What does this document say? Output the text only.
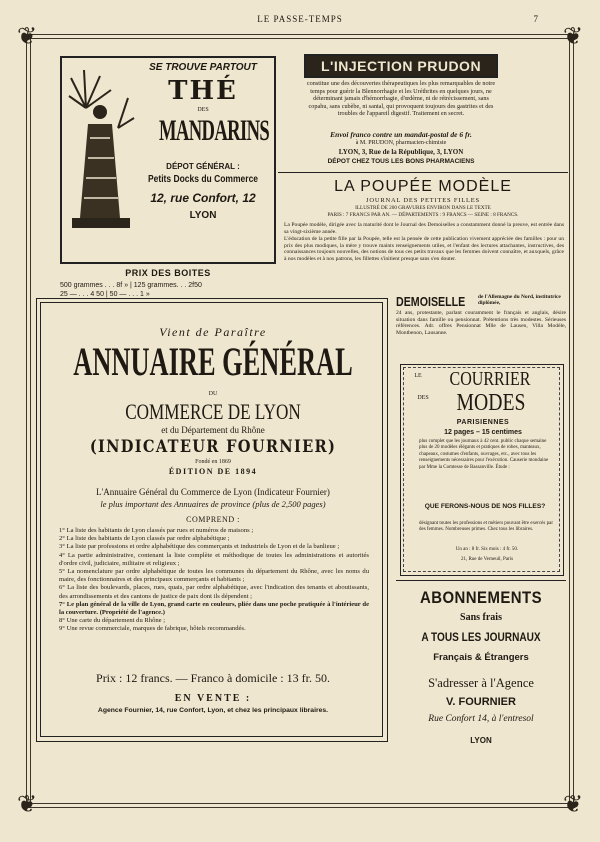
LE PASSE-TEMPS	7
❦	❦
❦	❦
SE TROUVE PARTOUT
THÉ
DES
MANDARINS
DÉPOT GÉNÉRAL :
Petits Docks du Commerce
12, rue Confort, 12
LYON
PRIX DES BOITES
500 grammes . . . 8f » | 125 grammes. . . 2f50
25 — . . . 4 50 | 50 — . . . 1 »
L'INJECTION PRUDON
constitue une des découvertes thérapeutiques les plus remarquables de notre temps pour guérir la Blennorrhagie et les Uréthrites en quelques jours, ne déterminant jamais d'hémorrhagie, d'œdème, ni de rétrécissement, sans copahu, sans cubèbe, ni santal, qui provoquent toujours des gastrites et des troubles de l'appareil digestif. Traitement en secret.
Envoi franco contre un mandat-postal de 6 fr.
à M. PRUDON, pharmacien-chimiste
LYON, 3, Rue de la République, 3, LYON
DÉPOT CHEZ TOUS LES BONS PHARMACIENS
LA POUPÉE MODÈLE
JOURNAL DES PETITES FILLES
ILLUSTRÉ DE 200 GRAVURES ENVIRON DANS LE TEXTE
PARIS : 7 FRANCS PAR AN. — DÉPARTEMENTS : 9 FRANCS — SEINE : 8 FRANCS.
La Poupée modèle, dirigée avec la maturité dont le Journal des Demoiselles a constamment donné la preuve, est entrée dans sa vingt-sixième année.
L'éducation de la petite fille par la Poupée, telle est la pensée de cette publication vivement appréciée des familles : pour un prix des plus modiques, la mère y trouve maints renseignements utiles, et l'enfant des lectures attachantes, instructives, des connaissances toujours nouvelles, des notions de tous ces petits travaux que les femmes doivent connaître, et auxquels, grâce à nos modèles et à nos patrons, les fillettes s'initient presque sans s'en douter.
Vient de Paraître
ANNUAIRE GÉNÉRAL
DU
COMMERCE DE LYON
et du Département du Rhône
(INDICATEUR FOURNIER)
Fondé en 1869
ÉDITION DE 1894
L'Annuaire Général du Commerce de Lyon (Indicateur Fournier)
le plus important des Annuaires de province (plus de 2,500 pages)
COMPREND :

1° La liste des habitants de Lyon classés par rues et numéros de maisons ;

2° La liste des habitants de Lyon classés par ordre alphabétique ;

3° La liste par professions et ordre alphabétique des commerçants et industriels de Lyon et de la banlieue ;

4° La partie administrative, contenant la liste complète et méthodique de toutes les administrations et autorités d'ordre civil, judiciaire, militaire et religieux ;

5° La nomenclature par ordre alphabétique de toutes les communes du département du Rhône, avec les noms du maire, des fonctionnaires et des principaux commerçants et habitants ;

6° La liste des boulevards, places, rues, quais, par ordre alphabétique, avec l'indication des tenants et aboutissants, des arrondissements et des cantons de justice de paix dont ils dépendent ;

7° Le plan général de la ville de Lyon, grand carte en couleurs, pliée dans une poche pratiquée à l'intérieur de la couverture. (Propriété de l'agence.)

8° Une carte du département du Rhône ;

9° Une revue commerciale, marques de fabrique, hôtels recommandés.

Prix : 12 francs. — Franco à domicile : 13 fr. 50.
EN VENTE :
Agence Fournier, 14, rue Confort, Lyon, et chez les principaux libraires.
DEMOISELLE	de l'Allemagne du Nord, institutrice diplômée,
24 ans, protestante, parlant couramment le français et anglais, désire situation dans famille ou pensionnat. Prétentions très modestes. Sérieuses références. Adr. offres Pensionnat Mlle de Lausen, Villa Modèle, Montbenon, Lausanne.
LE	COURRIER
DES	MODES
PARISIENNES
12 pages – 15 centimes
plus complet que les journaux à 42 cent. public chaque semaine plus de 20 modèles élégants et pratiques de robes, manteaux, chapeaux, costumes d'enfants, ouvrages, etc., avec tous les renseignements nécessaires pour l'exécution. Causerie mondaine par Mme la Comtesse de Bassanville. Étude :
QUE FERONS-NOUS DE NOS FILLES?
désignant toutes les professions et métiers pouvant être exercés par des femmes. Nombreuses primes. Chez tous les libraires.
Un an : 8 fr. Six mois : 4 fr. 50.
21, Rue de Verneuil, Paris
ABONNEMENTS
Sans frais
A TOUS LES JOURNAUX
Français & Étrangers
S'adresser à l'Agence
V. FOURNIER
Rue Confort 14, à l'entresol
LYON
